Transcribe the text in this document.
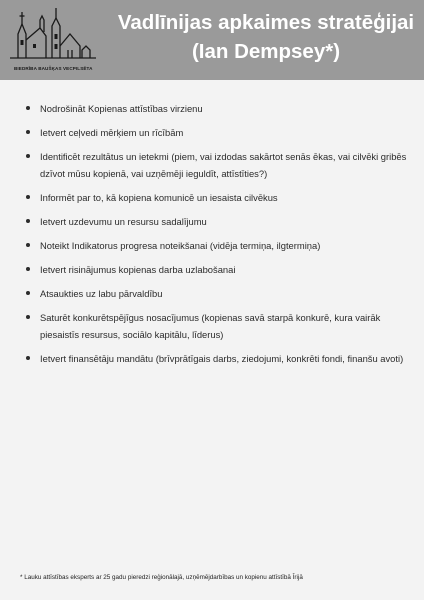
BIEDRĪBA BAUŠĶAS VECPILSĒTA
Vadlīnijas apkaimes stratēģijai (Ian Dempsey*)
Nodrošināt Kopienas attīstības virzienu
Ietvert ceļvedi mērķiem un rīcībām
Identificēt rezultātus un ietekmi (piem, vai izdodas sakārtot senās ēkas, vai cilvēki gribēs dzīvot mūsu kopienā, vai uzņēmēji ieguldīt, attīstīties?)
Informēt par to, kā kopiena komunicē un iesaista cilvēkus
Ietvert uzdevumu un resursu sadalījumu
Noteikt Indikatorus progresa noteikšanai (vidēja termiņa, ilgtermiņa)
Ietvert risinājumus kopienas darba uzlabošanai
Atsaukties uz labu pārvaldību
Saturēt konkurētspējīgus nosacījumus (kopienas savā starpā konkurē, kura vairāk piesaistīs resursus, sociālo kapitālu, līderus)
Ietvert finansētāju mandātu (brīvprātīgais darbs, ziedojumi, konkrēti fondi, finanšu avoti)
* Lauku attīstības eksperts ar 25 gadu pieredzi reģionālajā, uzņēmējdarbības un kopienu attīstībā Īrijā
